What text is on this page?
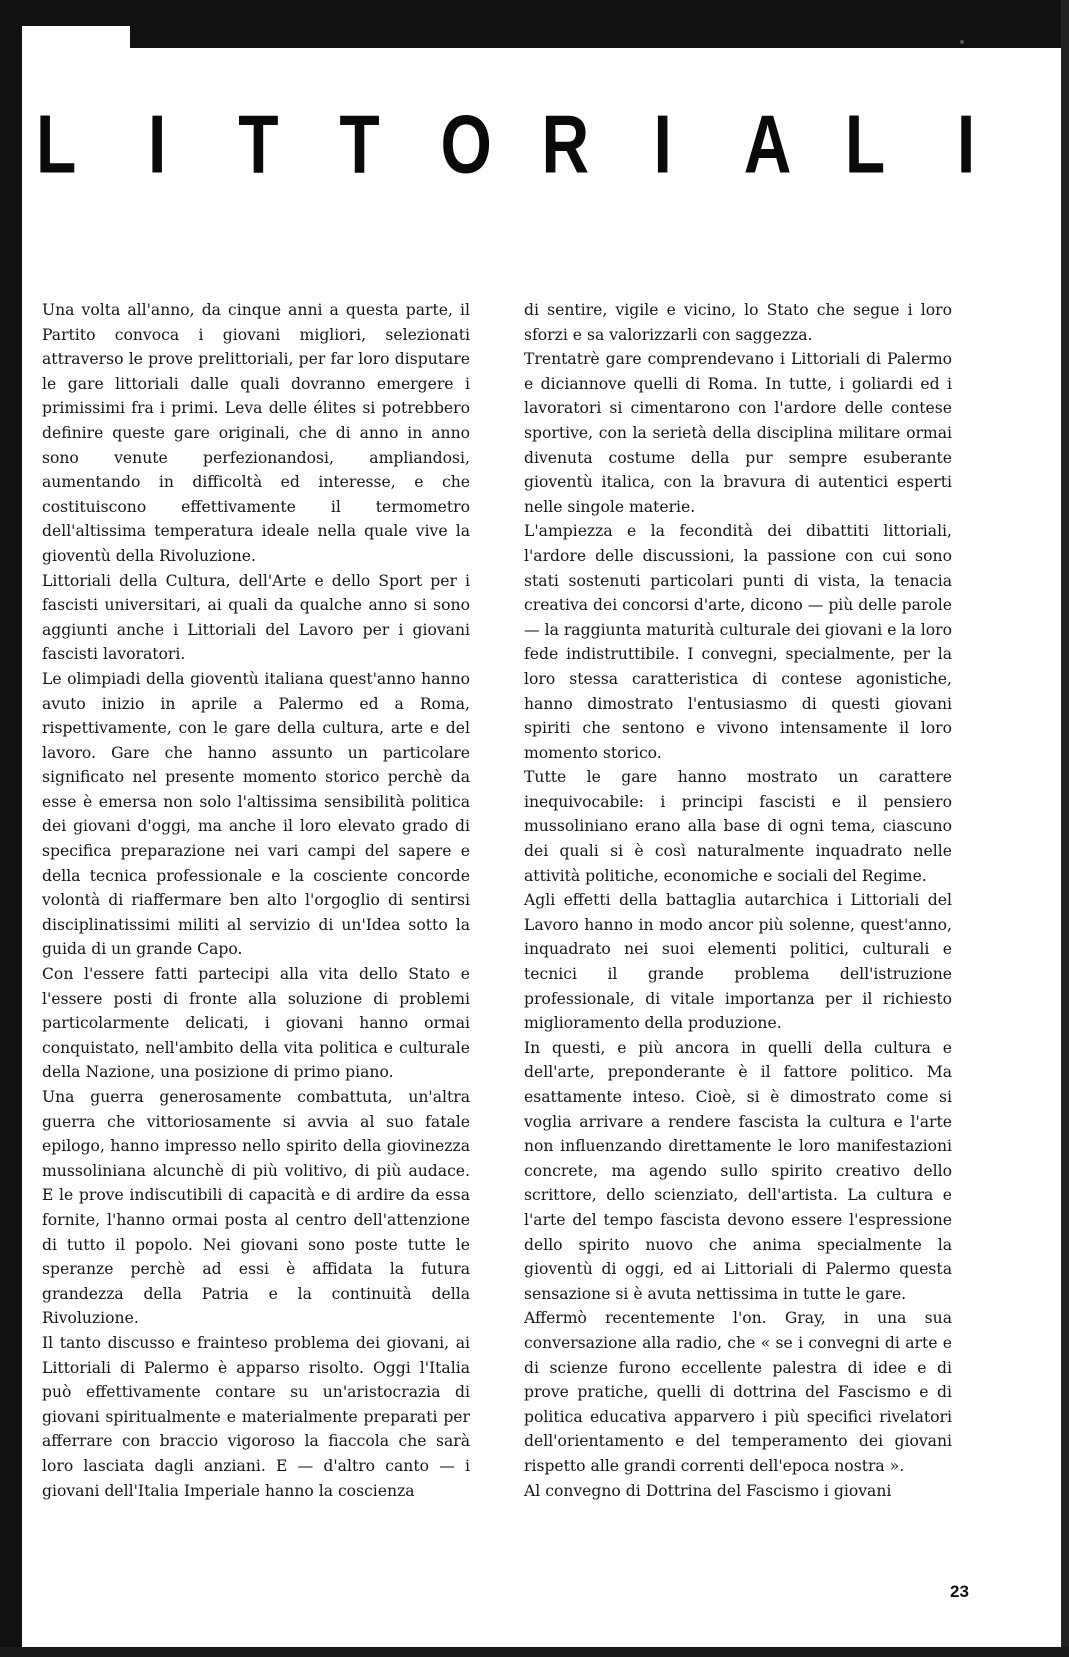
L I T T O R I A L I

Una volta all'anno, da cinque anni a questa parte, il Partito convoca i giovani migliori, selezionati attraverso le prove prelittoriali, per far loro disputare le gare littoriali dalle quali dovranno emergere i primissimi fra i primi. Leva delle élites si potrebbero definire queste gare originali, che di anno in anno sono venute perfezionandosi, ampliandosi, aumentando in difficoltà ed interesse, e che costituiscono effettivamente il termometro dell'altissima temperatura ideale nella quale vive la gioventù della Rivoluzione.

Littoriali della Cultura, dell'Arte e dello Sport per i fascisti universitari, ai quali da qualche anno si sono aggiunti anche i Littoriali del Lavoro per i giovani fascisti lavoratori.

Le olimpiadi della gioventù italiana quest'anno hanno avuto inizio in aprile a Palermo ed a Roma, rispettivamente, con le gare della cultura, arte e del lavoro. Gare che hanno assunto un particolare significato nel presente momento storico perchè da esse è emersa non solo l'altissima sensibilità politica dei giovani d'oggi, ma anche il loro elevato grado di specifica preparazione nei vari campi del sapere e della tecnica professionale e la cosciente concorde volontà di riaffermare ben alto l'orgoglio di sentirsi disciplinatissimi militi al servizio di un'Idea sotto la guida di un grande Capo.

Con l'essere fatti partecipi alla vita dello Stato e l'essere posti di fronte alla soluzione di problemi particolarmente delicati, i giovani hanno ormai conquistato, nell'ambito della vita politica e culturale della Nazione, una posizione di primo piano.

Una guerra generosamente combattuta, un'altra guerra che vittoriosamente si avvia al suo fatale epilogo, hanno impresso nello spirito della giovinezza mussoliniana alcunchè di più volitivo, di più audace. E le prove indiscutibili di capacità e di ardire da essa fornite, l'hanno ormai posta al centro dell'attenzione di tutto il popolo. Nei giovani sono poste tutte le speranze perchè ad essi è affidata la futura grandezza della Patria e la continuità della Rivoluzione.

Il tanto discusso e frainteso problema dei giovani, ai Littoriali di Palermo è apparso risolto. Oggi l'Italia può effettivamente contare su un'aristocrazia di giovani spiritualmente e materialmente preparati per afferrare con braccio vigoroso la fiaccola che sarà loro lasciata dagli anziani. E — d'altro canto — i giovani dell'Italia Imperiale hanno la coscienza

di sentire, vigile e vicino, lo Stato che segue i loro sforzi e sa valorizzarli con saggezza.

Trentatrè gare comprendevano i Littoriali di Palermo e diciannove quelli di Roma. In tutte, i goliardi ed i lavoratori si cimentarono con l'ardore delle contese sportive, con la serietà della disciplina militare ormai divenuta costume della pur sempre esuberante gioventù italica, con la bravura di autentici esperti nelle singole materie.

L'ampiezza e la fecondità dei dibattiti littoriali, l'ardore delle discussioni, la passione con cui sono stati sostenuti particolari punti di vista, la tenacia creativa dei concorsi d'arte, dicono — più delle parole — la raggiunta maturità culturale dei giovani e la loro fede indistruttibile. I convegni, specialmente, per la loro stessa caratteristica di contese agonistiche, hanno dimostrato l'entusiasmo di questi giovani spiriti che sentono e vivono intensamente il loro momento storico.

Tutte le gare hanno mostrato un carattere inequivocabile: i principi fascisti e il pensiero mussoliniano erano alla base di ogni tema, ciascuno dei quali si è così naturalmente inquadrato nelle attività politiche, economiche e sociali del Regime.

Agli effetti della battaglia autarchica i Littoriali del Lavoro hanno in modo ancor più solenne, quest'anno, inquadrato nei suoi elementi politici, culturali e tecnici il grande problema dell'istruzione professionale, di vitale importanza per il richiesto miglioramento della produzione.

In questi, e più ancora in quelli della cultura e dell'arte, preponderante è il fattore politico. Ma esattamente inteso. Cioè, si è dimostrato come si voglia arrivare a rendere fascista la cultura e l'arte non influenzando direttamente le loro manifestazioni concrete, ma agendo sullo spirito creativo dello scrittore, dello scienziato, dell'artista. La cultura e l'arte del tempo fascista devono essere l'espressione dello spirito nuovo che anima specialmente la gioventù di oggi, ed ai Littoriali di Palermo questa sensazione si è avuta nettissima in tutte le gare.

Affermò recentemente l'on. Gray, in una sua conversazione alla radio, che « se i convegni di arte e di scienze furono eccellente palestra di idee e di prove pratiche, quelli di dottrina del Fascismo e di politica educativa apparvero i più specifici rivelatori dell'orientamento e del temperamento dei giovani rispetto alle grandi correnti dell'epoca nostra ».

Al convegno di Dottrina del Fascismo i giovani

23
